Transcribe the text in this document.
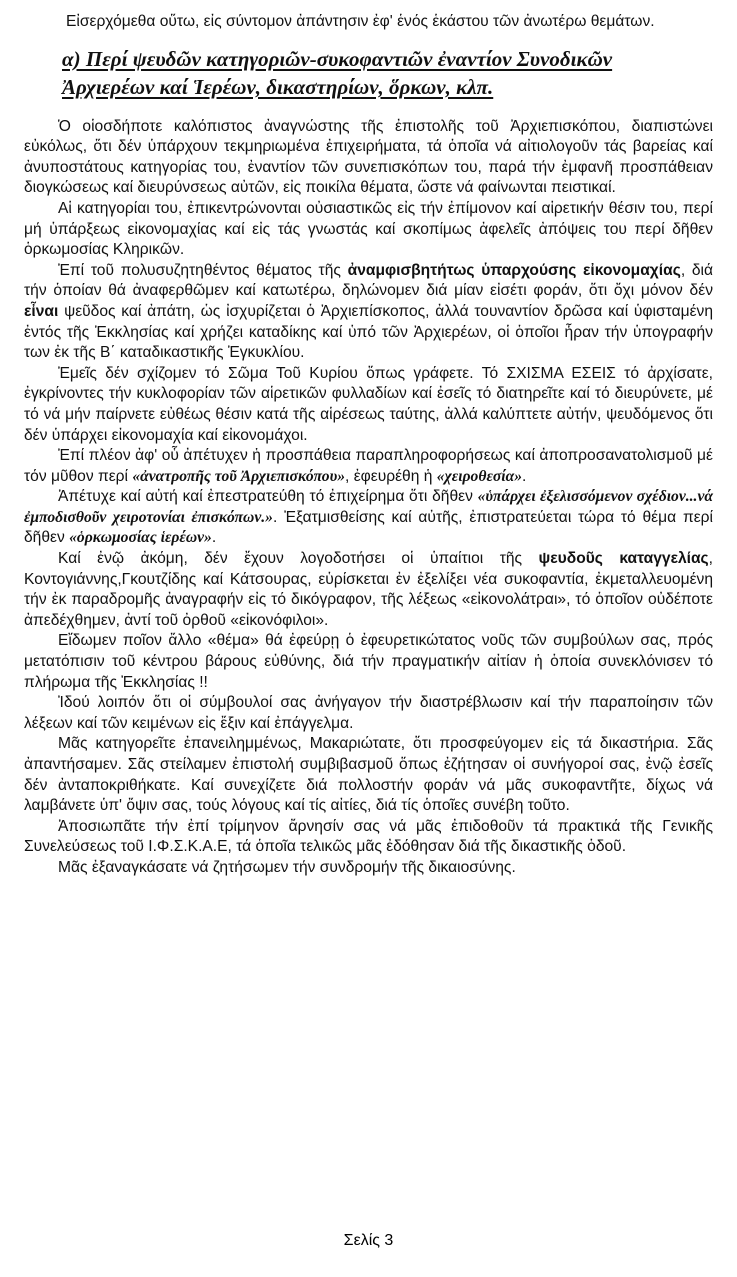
Εἰσερχόμεθα οὕτω, εἰς σύντομον ἀπάντησιν ἐφ' ἑνός ἑκάστου τῶν ἀνωτέρω θεμάτων.

α) Περί ψευδῶν κατηγοριῶν-συκοφαντιῶν ἐναντίον Συνοδικῶν
Ἀρχιερέων καί Ἱερέων, δικαστηρίων, ὅρκων, κλπ.

Ὁ οἱοσδήποτε καλόπιστος ἀναγνώστης τῆς ἐπιστολῆς τοῦ Ἀρχιεπισκόπου, διαπιστώνει εὐκόλως, ὅτι δέν ὑπάρχουν τεκμηριωμένα ἐπιχειρήματα, τά ὁποῖα νά αἰτιολογοῦν τάς βαρείας καί ἀνυποστάτους κατηγορίας του, ἐναντίον τῶν συνεπισκόπων του, παρά τήν ἐμφανῆ προσπάθειαν διογκώσεως καί διευρύνσεως αὐτῶν, εἰς ποικίλα θέματα, ὥστε νά φαίνωνται πειστικαί.

Αἱ κατηγορίαι του, ἐπικεντρώνονται οὐσιαστικῶς εἰς τήν ἐπίμονον καί αἱρετικήν θέσιν του, περί μή ὑπάρξεως εἰκονομαχίας καί εἰς τάς γνωστάς καί σκοπίμως ἀφελεῖς ἀπόψεις του περί δῆθεν ὁρκωμοσίας Κληρικῶν.

Ἐπί τοῦ πολυσυζητηθέντος θέματος τῆς ἀναμφισβητήτως ὑπαρχούσης εἰκονομαχίας, διά τήν ὁποίαν θά ἀναφερθῶμεν καί κατωτέρω, δηλώνομεν διά μίαν εἰσέτι φοράν, ὅτι ὄχι μόνον δέν εἶναι ψεῦδος καί ἀπάτη, ὡς ἰσχυρίζεται ὁ Ἀρχιεπίσκοπος, ἀλλά τουναντίον δρῶσα καί ὑφισταμένη ἐντός τῆς Ἐκκλησίας καί χρήζει καταδίκης καί ὑπό τῶν Ἀρχιερέων, οἱ ὁποῖοι ἦραν τήν ὑπογραφήν των ἐκ τῆς Β΄ καταδικαστικῆς Ἐγκυκλίου.

Ἐμεῖς δέν σχίζομεν τό Σῶμα Τοῦ Κυρίου ὅπως γράφετε. Τό ΣΧΙΣΜΑ ΕΣΕΙΣ τό ἀρχίσατε, ἐγκρίνοντες τήν κυκλοφορίαν τῶν αἱρετικῶν φυλλαδίων καί ἐσεῖς τό διατηρεῖτε καί τό διευρύνετε, μέ τό νά μήν παίρνετε εὐθέως θέσιν κατά τῆς αἱρέσεως ταύτης, ἀλλά καλύπτετε αὐτήν, ψευδόμενος ὅτι δέν ὑπάρχει εἰκονομαχία καί εἰκονομάχοι.

Ἐπί πλέον ἀφ' οὗ ἀπέτυχεν ἡ προσπάθεια παραπληροφορήσεως καί ἀποπροσανατολισμοῦ μέ τόν μῦθον περί «ἀνατροπῆς τοῦ Ἀρχιεπισκόπου», ἐφευρέθη ἡ «χειροθεσία».

Ἀπέτυχε καί αὐτή καί ἐπεστρατεύθη τό ἐπιχείρημα ὅτι δῆθεν «ὑπάρχει ἐξελισσόμενον σχέδιον...νά ἐμποδισθοῦν χειροτονίαι ἐπισκόπων.». Ἐξατμισθείσης καί αὐτῆς, ἐπιστρατεύεται τώρα τό θέμα περί δῆθεν «ὁρκωμοσίας ἱερέων».

Καί ἐνῷ ἀκόμη, δέν ἔχουν λογοδοτήσει οἱ ὑπαίτιοι τῆς ψευδοῦς καταγγελίας, Κοντογιάννης,Γκουτζίδης καί Κάτσουρας, εὑρίσκεται ἐν ἐξελίξει νέα συκοφαντία, ἐκμεταλλευομένη τήν ἐκ παραδρομῆς ἀναγραφήν εἰς τό δικόγραφον, τῆς λέξεως «εἰκονολάτραι», τό ὁποῖον οὐδέποτε ἀπεδέχθημεν, ἀντί τοῦ ὀρθοῦ «εἰκονόφιλοι».

Εἴδωμεν ποῖον ἄλλο «θέμα» θά ἐφεύρῃ ὁ ἐφευρετικώτατος νοῦς τῶν συμβούλων σας, πρός μετατόπισιν τοῦ κέντρου βάρους εὐθύνης, διά τήν πραγματικήν αἰτίαν ἡ ὁποία συνεκλόνισεν τό πλήρωμα τῆς Ἐκκλησίας !!

Ἰδού λοιπόν ὅτι οἱ σύμβουλοί σας ἀνήγαγον τήν διαστρέβλωσιν καί τήν παραποίησιν τῶν λέξεων καί τῶν κειμένων εἰς ἔξιν καί ἐπάγγελμα.

Μᾶς κατηγορεῖτε ἐπανειλημμένως, Μακαριώτατε, ὅτι προσφεύγομεν εἰς τά δικαστήρια. Σᾶς ἀπαντήσαμεν. Σᾶς στείλαμεν ἐπιστολή συμβιβασμοῦ ὅπως ἐζήτησαν οἱ συνήγοροί σας, ἐνῷ ἐσεῖς δέν ἀνταποκριθήκατε. Καί συνεχίζετε διά πολλοστήν φοράν νά μᾶς συκοφαντῆτε, δίχως νά λαμβάνετε ὑπ' ὄψιν σας, τούς λόγους καί τίς αἰτίες, διά τίς ὁποῖες συνέβη τοῦτο.

Ἀποσιωπᾶτε τήν ἐπί τρίμηνον ἄρνησίν σας νά μᾶς ἐπιδοθοῦν τά πρακτικά τῆς Γενικῆς Συνελεύσεως τοῦ Ι.Φ.Σ.Κ.Α.Ε, τά ὁποῖα τελικῶς μᾶς ἐδόθησαν διά τῆς δικαστικῆς ὁδοῦ.

Μᾶς ἐξαναγκάσατε νά ζητήσωμεν τήν συνδρομήν τῆς δικαιοσύνης.

Σελίς 3
